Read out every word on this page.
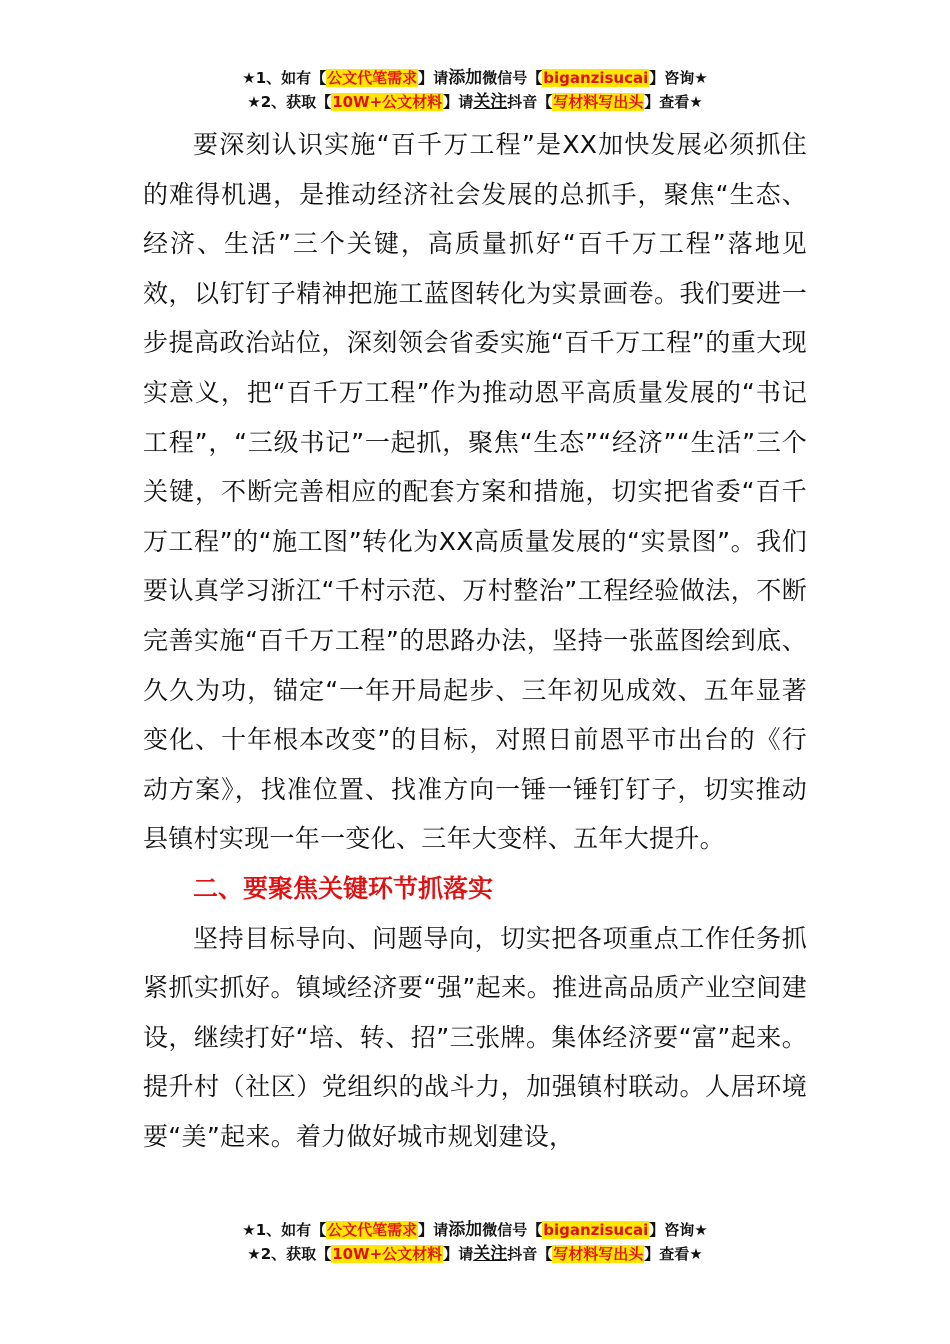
★1、如有【公文代笔需求】请添加微信号【biganzisucai】咨询★
★2、获取【10W+公文材料】请关注抖音【写材料写出头】查看★

要深刻认识实施“百千万工程”是XX加快发展必须抓住的难得机遇，是推动经济社会发展的总抓手，聚焦“生态、经济、生活”三个关键，高质量抓好“百千万工程”落地见效，以钉钉子精神把施工蓝图转化为实景画卷。我们要进一步提高政治站位，深刻领会省委实施“百千万工程”的重大现实意义，把“百千万工程”作为推动恩平高质量发展的“书记工程”，“三级书记”一起抓，聚焦“生态”“经济”“生活”三个关键，不断完善相应的配套方案和措施，切实把省委“百千万工程”的“施工图”转化为XX高质量发展的“实景图”。我们要认真学习浙江“千村示范、万村整治”工程经验做法，不断完善实施“百千万工程”的思路办法，坚持一张蓝图绘到底、久久为功，锚定“一年开局起步、三年初见成效、五年显著变化、十年根本改变”的目标，对照日前恩平市出台的《行动方案》，找准位置、找准方向一锤一锤钉钉子，切实推动县镇村实现一年一变化、三年大变样、五年大提升。

二、要聚焦关键环节抓落实

坚持目标导向、问题导向，切实把各项重点工作任务抓紧抓实抓好。镇域经济要“强”起来。推进高品质产业空间建设，继续打好“培、转、招”三张牌。集体经济要“富”起来。提升村（社区）党组织的战斗力，加强镇村联动。人居环境要“美”起来。着力做好城市规划建设，

★1、如有【公文代笔需求】请添加微信号【biganzisucai】咨询★
★2、获取【10W+公文材料】请关注抖音【写材料写出头】查看★
